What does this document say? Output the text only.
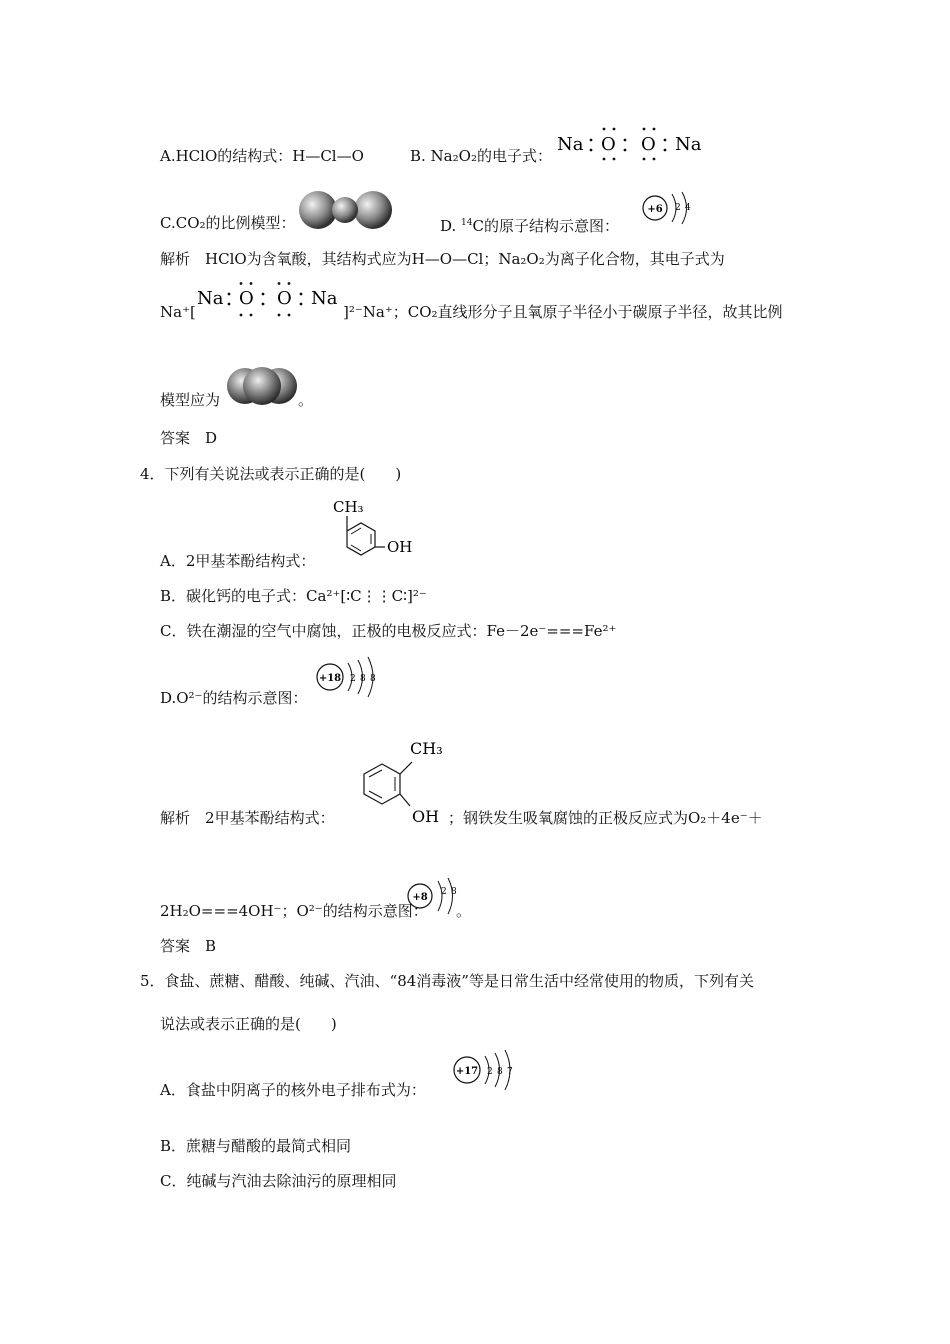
A.HClO的结构式：H—Cl—O	B. Na₂O₂的电子式：
Na O O Na
C.CO₂的比例模型：	D. $^{14}$C的原子结构示意图：
+6 2 4
解析　 HClO为含氧酸，其结构式应为H—O—Cl；Na₂O₂为离子化合物，其电子式为
Na⁺[
Na O O Na
]²⁻Na⁺；CO₂直线形分子且氧原子半径小于碳原子半径，故其比例
模型应为	。
答案　D
4．下列有关说法或表示正确的是(　　)
CH₃
OH
A．2甲基苯酚结构式：
B．碳化钙的电子式：Ca²⁺[∶C⋮⋮C∶]²⁻
C．铁在潮湿的空气中腐蚀，正极的电极反应式：Fe－2e⁻===Fe²⁺
D.O²⁻的结构示意图：
+18 2 8 8
解析　 2甲基苯酚结构式：
CH₃
OH ；钢铁发生吸氧腐蚀的正极反应式为O₂＋4e⁻＋
2H₂O===4OH⁻；O²⁻的结构示意图：
+8 2 8
。
答案　B
5．食盐、蔗糖、醋酸、纯碱、汽油、“84消毒液”等是日常生活中经常使用的物质，下列有关
说法或表示正确的是(　　)
A．食盐中阴离子的核外电子排布式为：
+17 2 8 7
B．蔗糖与醋酸的最简式相同
C．纯碱与汽油去除油污的原理相同
